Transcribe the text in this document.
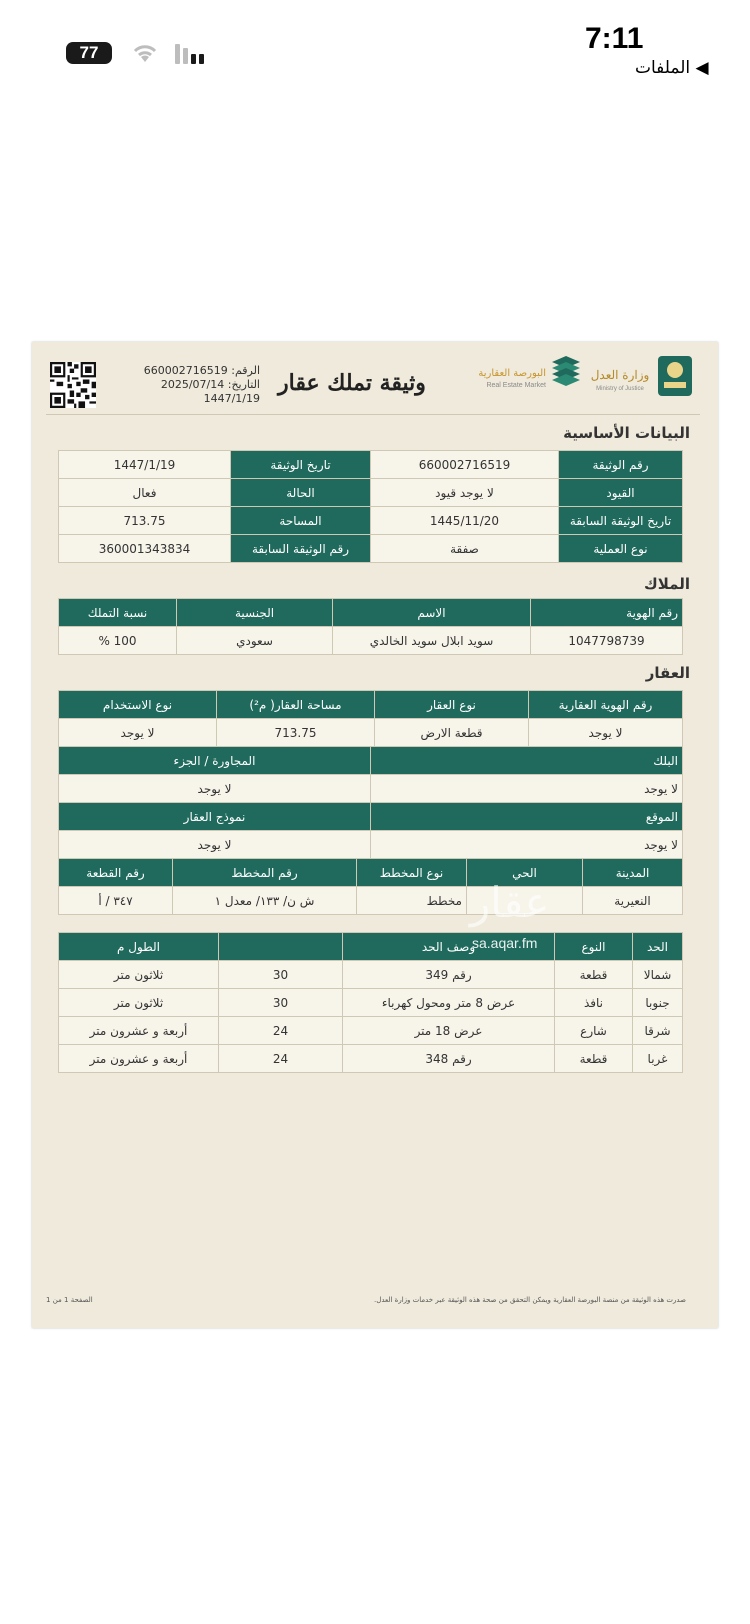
77	7:11
◀ الملفات
الرقم: 660002716519
التاريخ: 2025/07/14
1447/1/19
وثيقة تملك عقار	البورصة العقارية
Real Estate Market
وزارة العدل
Ministry of Justice
البيانات الأساسية
رقم الوثيقة	660002716519	تاريخ الوثيقة	1447/1/19
القيود	لا يوجد قيود	الحالة	فعال
تاريخ الوثيقة السابقة	1445/11/20	المساحة	713.75
نوع العملية	صفقة	رقم الوثيقة السابقة	360001343834
الملاك
رقم الهوية	الاسم	الجنسية	نسبة التملك
1047798739	سويد ابلال سويد الخالدي	سعودي	100 %
العقار
رقم الهوية العقارية	نوع العقار	مساحة العقار( م²)	نوع الاستخدام
لا يوجد	قطعة الارض	713.75	لا يوجد
البلك	المجاورة / الجزء
لا يوجد	لا يوجد
الموقع	نموذج العقار
لا يوجد	لا يوجد
المدينة	الحي	نوع المخطط	رقم المخطط	رقم القطعة
النعيرية		مخطط	ش ن/ ١٣٣/ معدل ١	٣٤٧ / أ
الحد	النوع	وصف الحد		الطول م
شمالا	قطعة	رقم 349	30	ثلاثون متر
جنوبا	نافذ	عرض 8 متر ومحول كهرباء	30	ثلاثون متر
شرقا	شارع	عرض 18 متر	24	أربعة و عشرون متر
غربا	قطعة	رقم 348	24	أربعة و عشرون متر
عقار
sa.aqar.fm
صدرت هذه الوثيقة من منصة البورصة العقارية ويمكن التحقق من صحة هذه الوثيقة عبر خدمات وزارة العدل.
الصفحة 1 من 1
